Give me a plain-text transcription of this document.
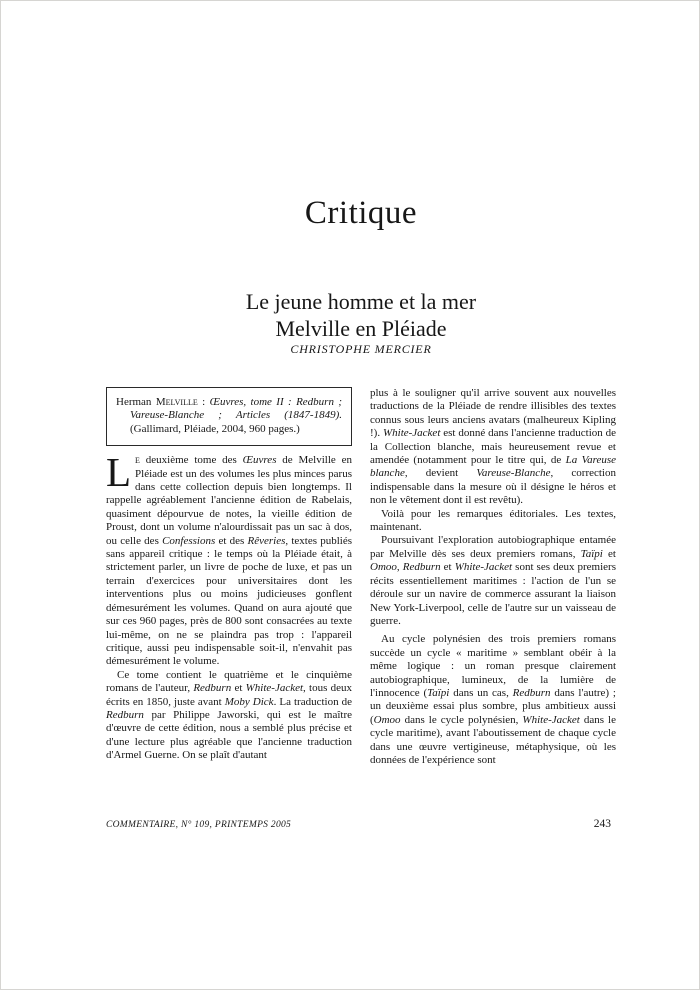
Critique
Le jeune homme et la mer
Melville en Pléiade
CHRISTOPHE MERCIER

Herman Melville : Œuvres, tome II : Redburn ; Vareuse-Blanche ; Articles (1847-1849). (Gallimard, Pléiade, 2004, 960 pages.)

Le deuxième tome des Œuvres de Melville en Pléiade est un des volumes les plus minces parus dans cette collection depuis bien longtemps. Il rappelle agréablement l'ancienne édition de Rabelais, quasiment dépourvue de notes, la vieille édition de Proust, dont un volume n'alourdissait pas un sac à dos, ou celle des Confessions et des Rêveries, textes publiés sans appareil critique : le temps où la Pléiade était, à strictement parler, un livre de poche de luxe, et pas un terrain d'exercices pour universitaires dont les interventions plus ou moins judicieuses gonflent démesurément les volumes. Quand on aura ajouté que sur ces 960 pages, près de 800 sont consacrées au texte lui-même, on ne se plaindra pas trop : l'appareil critique, aussi peu indispensable soit-il, n'envahit pas démesurément le volume.

Ce tome contient le quatrième et le cinquième romans de l'auteur, Redburn et White-Jacket, tous deux écrits en 1850, juste avant Moby Dick. La traduction de Redburn par Philippe Jaworski, qui est le maître d'œuvre de cette édition, nous a semblé plus précise et d'une lecture plus agréable que l'ancienne traduction d'Armel Guerne. On se plaît d'autant

plus à le souligner qu'il arrive souvent aux nouvelles traductions de la Pléiade de rendre illisibles des textes connus sous leurs anciens avatars (malheureux Kipling !). White-Jacket est donné dans l'ancienne traduction de la Collection blanche, mais heureusement revue et amendée (notamment pour le titre qui, de La Vareuse blanche, devient Vareuse-Blanche, correction indispensable dans la mesure où il désigne le héros et non le vêtement dont il est revêtu).

Voilà pour les remarques éditoriales. Les textes, maintenant.

Poursuivant l'exploration autobiographique entamée par Melville dès ses deux premiers romans, Taïpi et Omoo, Redburn et White-Jacket sont ses deux premiers récits essentiellement maritimes : l'action de l'un se déroule sur un navire de commerce assurant la liaison New York-Liverpool, celle de l'autre sur un vaisseau de guerre.

Au cycle polynésien des trois premiers romans succède un cycle « maritime » semblant obéir à la même logique : un roman presque clairement autobiographique, lumineux, de la lumière de l'innocence (Taïpi dans un cas, Redburn dans l'autre) ; un deuxième essai plus sombre, plus ambitieux aussi (Omoo dans le cycle polynésien, White-Jacket dans le cycle maritime), avant l'aboutissement de chaque cycle dans une œuvre vertigineuse, métaphysique, où les données de l'expérience sont

COMMENTAIRE, N° 109, PRINTEMPS 2005	243
